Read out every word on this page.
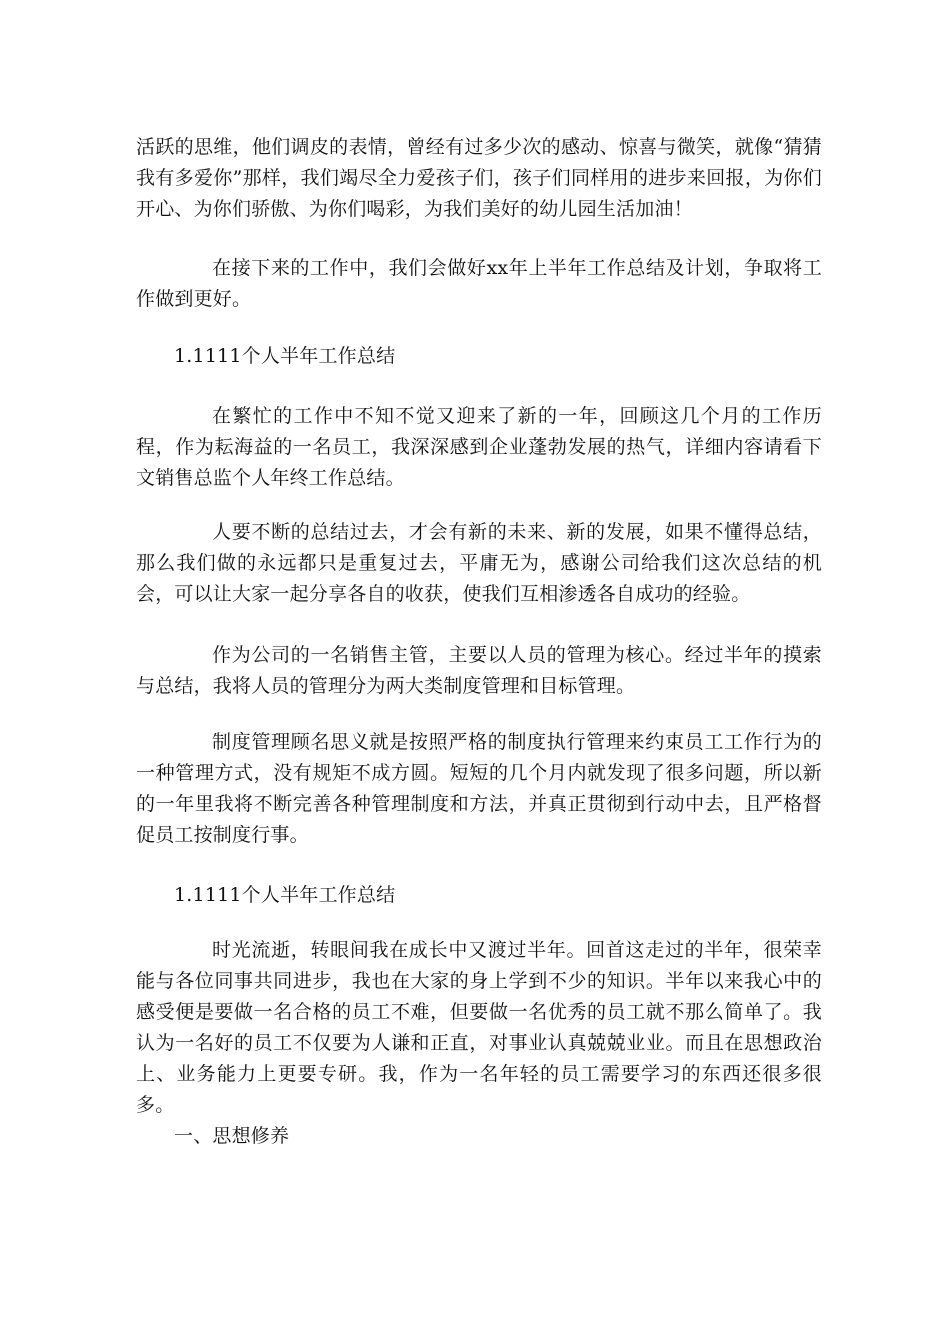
活跃的思维，他们调皮的表情，曾经有过多少次的感动、惊喜与微笑，就像“猜猜我有多爱你”那样，我们竭尽全力爱孩子们，孩子们同样用的进步来回报，为你们开心、为你们骄傲、为你们喝彩，为我们美好的幼儿园生活加油！

在接下来的工作中，我们会做好xx年上半年工作总结及计划，争取将工作做到更好。

1.1111个人半年工作总结

在繁忙的工作中不知不觉又迎来了新的一年，回顾这几个月的工作历程，作为耘海益的一名员工，我深深感到企业蓬勃发展的热气，详细内容请看下文销售总监个人年终工作总结。

人要不断的总结过去，才会有新的未来、新的发展，如果不懂得总结，那么我们做的永远都只是重复过去，平庸无为，感谢公司给我们这次总结的机会，可以让大家一起分享各自的收获，使我们互相渗透各自成功的经验。

作为公司的一名销售主管，主要以人员的管理为核心。经过半年的摸索与总结，我将人员的管理分为两大类制度管理和目标管理。

制度管理顾名思义就是按照严格的制度执行管理来约束员工工作行为的一种管理方式，没有规矩不成方圆。短短的几个月内就发现了很多问题，所以新的一年里我将不断完善各种管理制度和方法，并真正贯彻到行动中去，且严格督促员工按制度行事。

1.1111个人半年工作总结

时光流逝，转眼间我在成长中又渡过半年。回首这走过的半年，很荣幸能与各位同事共同进步，我也在大家的身上学到不少的知识。半年以来我心中的感受便是要做一名合格的员工不难，但要做一名优秀的员工就不那么简单了。我认为一名好的员工不仅要为人谦和正直，对事业认真兢兢业业。而且在思想政治上、业务能力上更要专研。我，作为一名年轻的员工需要学习的东西还很多很多。

一、思想修养
